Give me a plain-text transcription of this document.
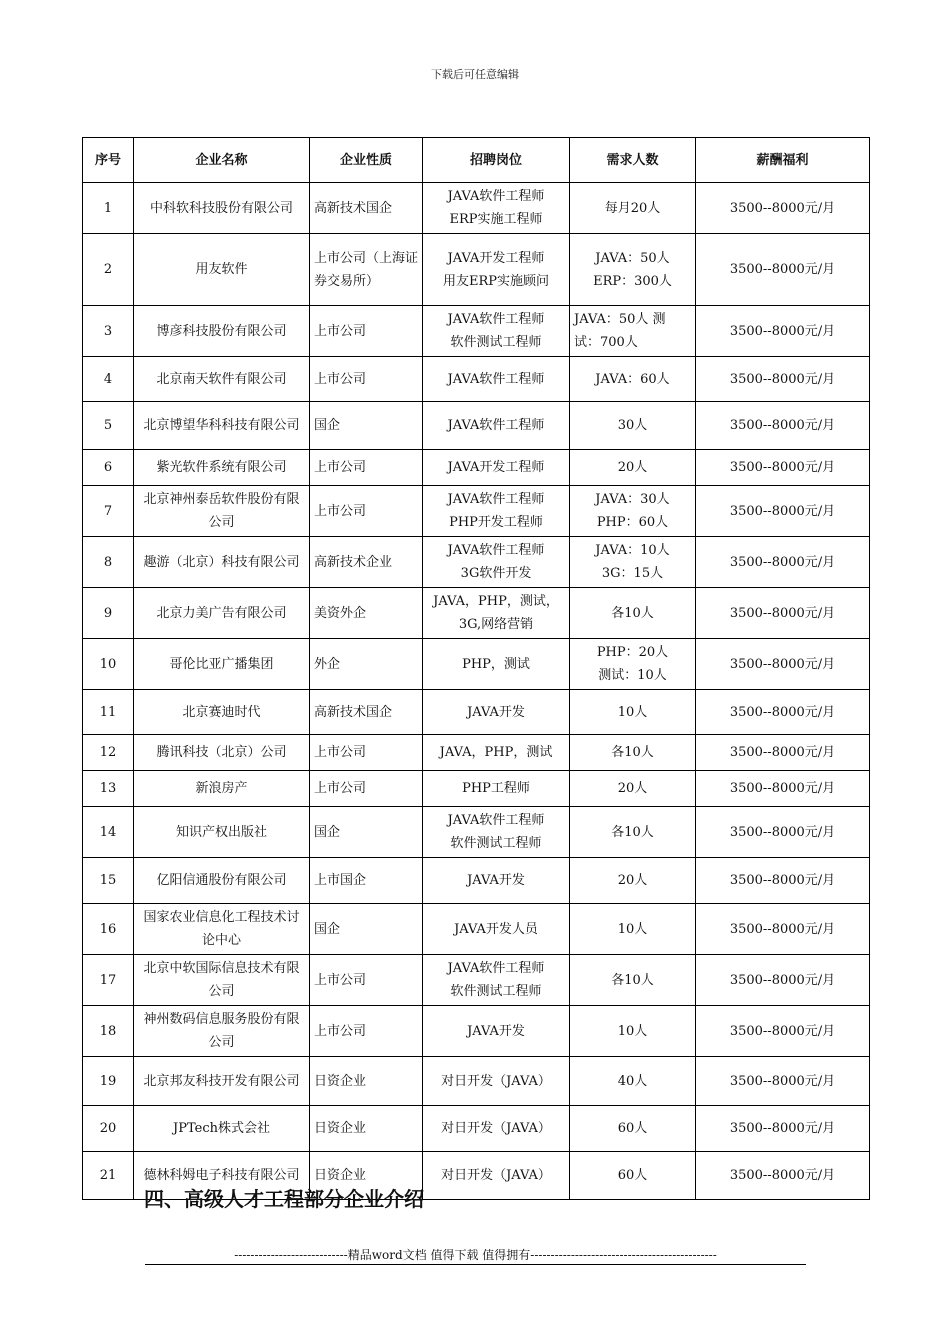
下载后可任意编辑
序号	企业名称	企业性质	招聘岗位	需求人数	薪酬福利
1	中科软科技股份有限公司	高新技术国企	JAVA软件工程师
ERP实施工程师	每月20人	3500--8000元/月
2	用友软件	上市公司（上海证券交易所）	JAVA开发工程师
用友ERP实施顾问	JAVA：50人
ERP：300人	3500--8000元/月
3	博彦科技股份有限公司	上市公司	JAVA软件工程师
软件测试工程师	JAVA：50人 测试：700人	3500--8000元/月
4	北京南天软件有限公司	上市公司	JAVA软件工程师	JAVA：60人	3500--8000元/月
5	北京博望华科科技有限公司	国企	JAVA软件工程师	30人	3500--8000元/月
6	紫光软件系统有限公司	上市公司	JAVA开发工程师	20人	3500--8000元/月
7	北京神州泰岳软件股份有限公司	上市公司	JAVA软件工程师
PHP开发工程师	JAVA：30人
PHP：60人	3500--8000元/月
8	趣游（北京）科技有限公司	高新技术企业	JAVA软件工程师
3G软件开发	JAVA：10人
3G：15人	3500--8000元/月
9	北京力美广告有限公司	美资外企	JAVA，PHP，测试，
3G,网络营销	各10人	3500--8000元/月
10	哥伦比亚广播集团	外企	PHP，测试	PHP：20人
测试：10人	3500--8000元/月
11	北京赛迪时代	高新技术国企	JAVA开发	10人	3500--8000元/月
12	腾讯科技（北京）公司	上市公司	JAVA，PHP，测试	各10人	3500--8000元/月
13	新浪房产	上市公司	PHP工程师	20人	3500--8000元/月
14	知识产权出版社	国企	JAVA软件工程师
软件测试工程师	各10人	3500--8000元/月
15	亿阳信通股份有限公司	上市国企	JAVA开发	20人	3500--8000元/月
16	国家农业信息化工程技术讨论中心	国企	JAVA开发人员	10人	3500--8000元/月
17	北京中软国际信息技术有限公司	上市公司	JAVA软件工程师
软件测试工程师	各10人	3500--8000元/月
18	神州数码信息服务股份有限公司	上市公司	JAVA开发	10人	3500--8000元/月
19	北京邦友科技开发有限公司	日资企业	对日开发（JAVA）	40人	3500--8000元/月
20	JPTech株式会社	日资企业	对日开发（JAVA）	60人	3500--8000元/月
21	德林科姆电子科技有限公司	日资企业	对日开发（JAVA）	60人	3500--8000元/月
四、高级人才工程部分企业介绍
----------------------------精品word文档 值得下载 值得拥有----------------------------------------------
